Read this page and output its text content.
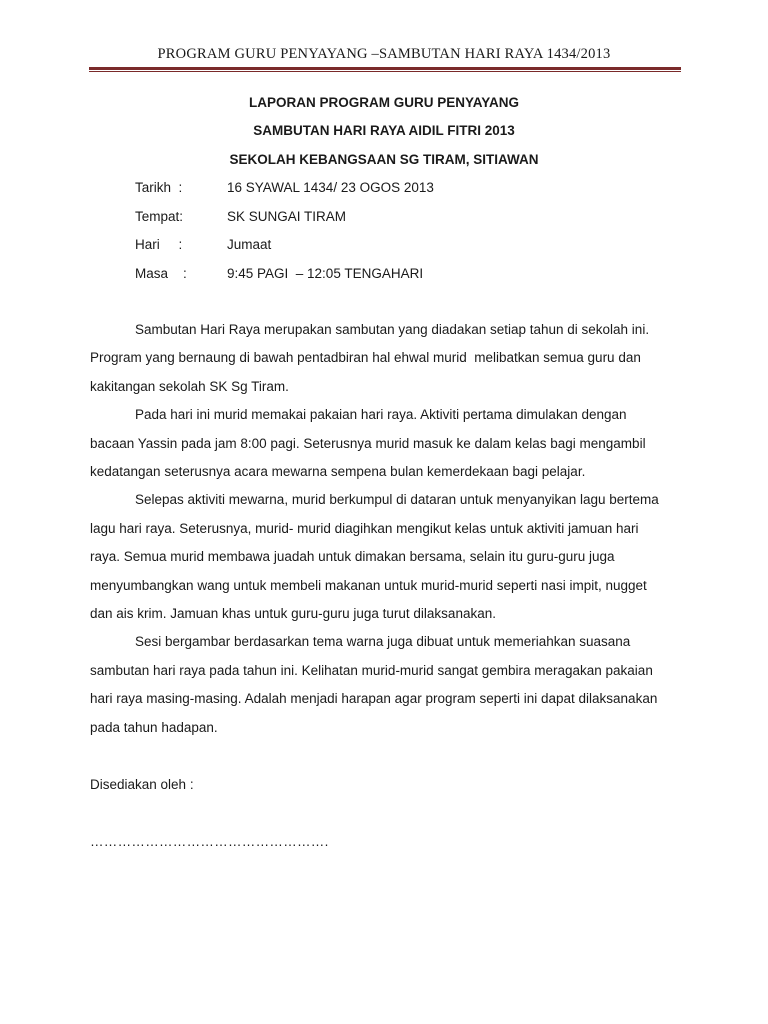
PROGRAM GURU PENYAYANG –SAMBUTAN HARI RAYA 1434/2013
LAPORAN PROGRAM GURU PENYAYANG
SAMBUTAN HARI RAYA AIDIL FITRI 2013
SEKOLAH KEBANGSAAN SG TIRAM, SITIAWAN
Tarikh  :	16 SYAWAL 1434/ 23 OGOS 2013
Tempat:	SK SUNGAI TIRAM
Hari     :	Jumaat
Masa    :	9:45 PAGI  – 12:05 TENGAHARI
Sambutan Hari Raya merupakan sambutan yang diadakan setiap tahun di sekolah ini.
Program yang bernaung di bawah pentadbiran hal ehwal murid  melibatkan semua guru dan
kakitangan sekolah SK Sg Tiram.
Pada hari ini murid memakai pakaian hari raya. Aktiviti pertama dimulakan dengan
bacaan Yassin pada jam 8:00 pagi. Seterusnya murid masuk ke dalam kelas bagi mengambil
kedatangan seterusnya acara mewarna sempena bulan kemerdekaan bagi pelajar.
Selepas aktiviti mewarna, murid berkumpul di dataran untuk menyanyikan lagu bertema
lagu hari raya. Seterusnya, murid- murid diagihkan mengikut kelas untuk aktiviti jamuan hari
raya. Semua murid membawa juadah untuk dimakan bersama, selain itu guru-guru juga
menyumbangkan wang untuk membeli makanan untuk murid-murid seperti nasi impit, nugget
dan ais krim. Jamuan khas untuk guru-guru juga turut dilaksanakan.
Sesi bergambar berdasarkan tema warna juga dibuat untuk memeriahkan suasana
sambutan hari raya pada tahun ini. Kelihatan murid-murid sangat gembira meragakan pakaian
hari raya masing-masing. Adalah menjadi harapan agar program seperti ini dapat dilaksanakan
pada tahun hadapan.
Disediakan oleh :
…………………………………………….
